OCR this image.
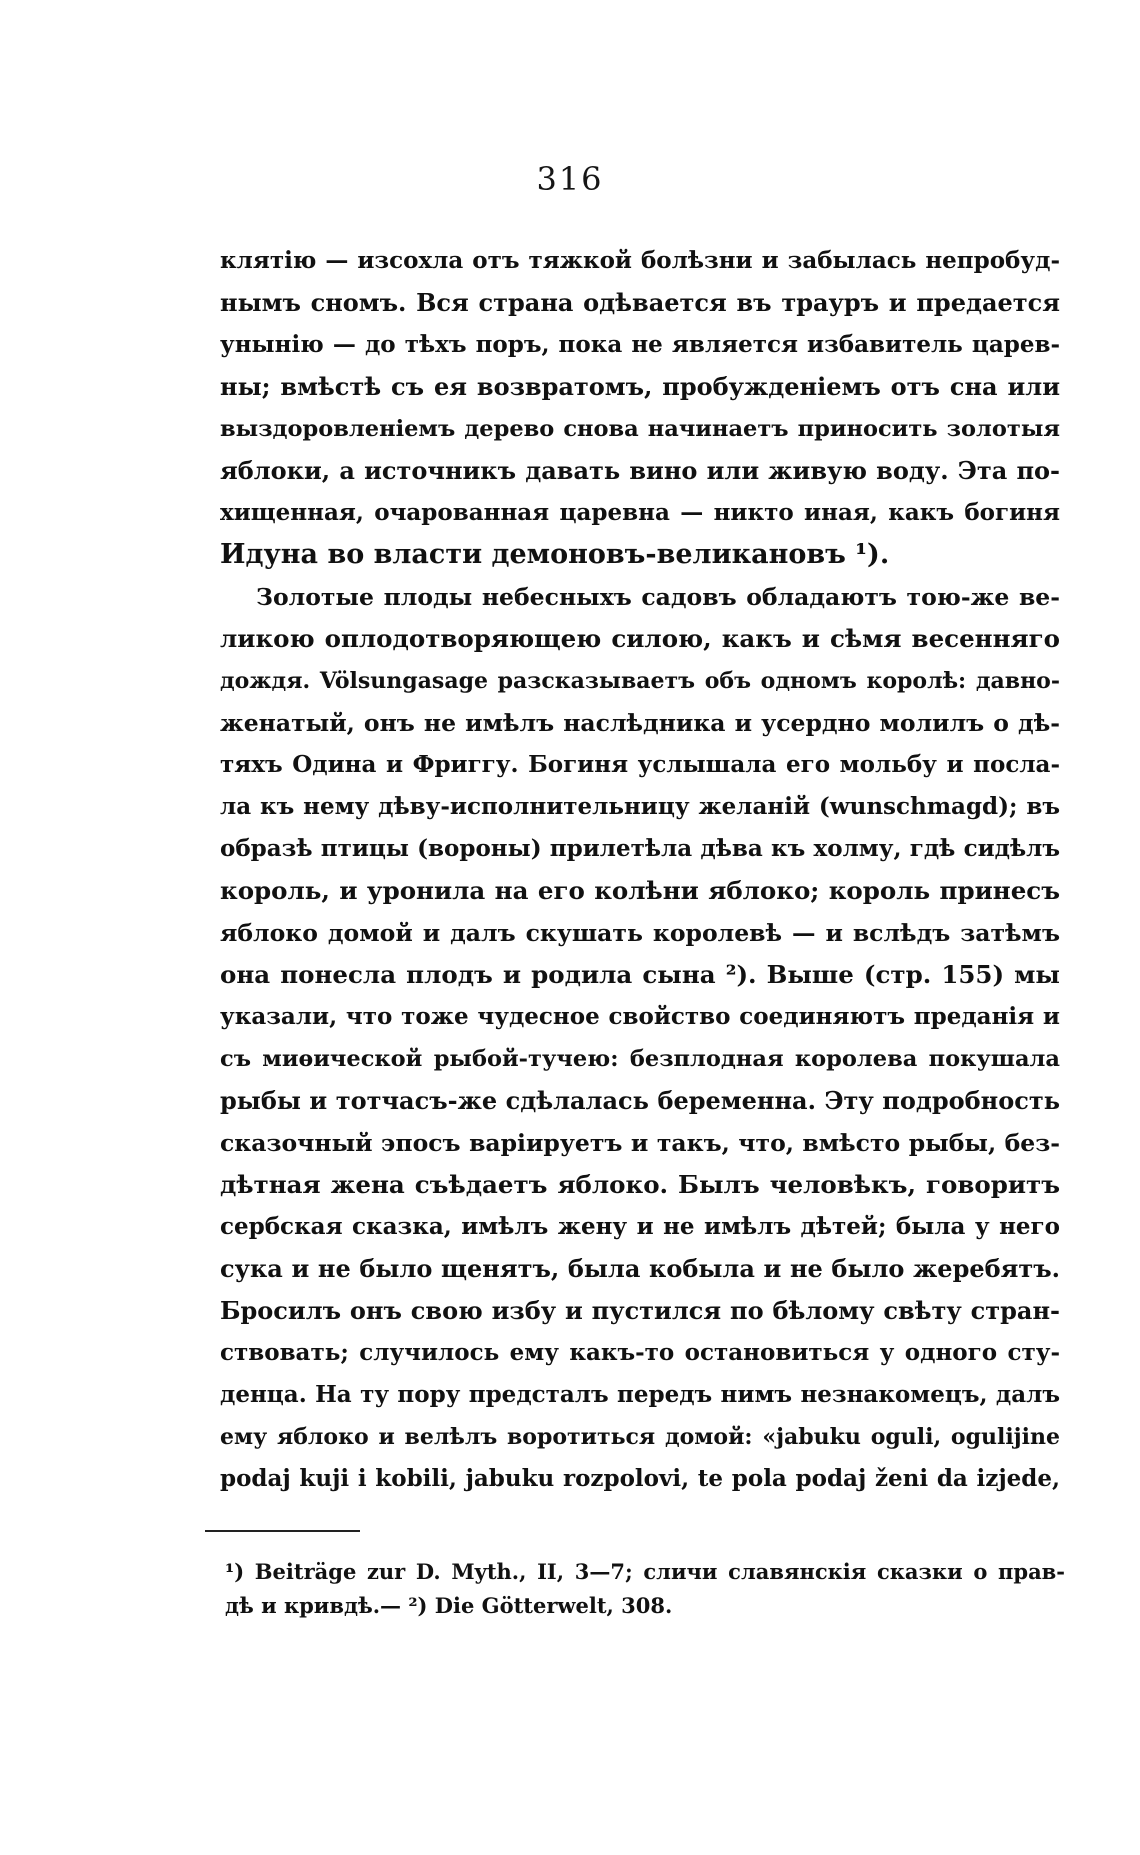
316
клятію — изсохла отъ тяжкой болѣзни и забылась непробуд-
нымъ сномъ. Вся страна одѣвается въ трауръ и предается
унынію — до тѣхъ поръ, пока не является избавитель царев-
ны; вмѣстѣ съ ея возвратомъ, пробужденіемъ отъ сна или
выздоровленіемъ дерево снова начинаетъ приносить золотыя
яблоки, а источникъ давать вино или живую воду. Эта по-
хищенная, очарованная царевна — никто иная, какъ богиня
Идуна во власти демоновъ-великановъ ¹).
Золотые плоды небесныхъ садовъ обладаютъ тою-же ве-
ликою оплодотворяющею силою, какъ и сѣмя весенняго
дождя. Völsungasage разсказываетъ объ одномъ королѣ: давно-
женатый, онъ не имѣлъ наслѣдника и усердно молилъ о дѣ-
тяхъ Одина и Фриггу. Богиня услышала его мольбу и посла-
ла къ нему дѣву-исполнительницу желаній (wunschmagd); въ
образѣ птицы (вороны) прилетѣла дѣва къ холму, гдѣ сидѣлъ
король, и уронила на его колѣни яблоко; король принесъ
яблоко домой и далъ скушать королевѣ — и вслѣдъ затѣмъ
она понесла плодъ и родила сына ²). Выше (стр. 155) мы
указали, что тоже чудесное свойство соединяютъ преданія и
съ миѳической рыбой-тучею: безплодная королева покушала
рыбы и тотчасъ-же сдѣлалась беременна. Эту подробность
сказочный эпосъ варіируетъ и такъ, что, вмѣсто рыбы, без-
дѣтная жена съѣдаетъ яблоко. Былъ человѣкъ, говоритъ
сербская сказка, имѣлъ жену и не имѣлъ дѣтей; была у него
сука и не было щенятъ, была кобыла и не было жеребятъ.
Бросилъ онъ свою избу и пустился по бѣлому свѣту стран-
ствовать; случилось ему какъ-то остановиться у одного сту-
денца. На ту пору предсталъ передъ нимъ незнакомецъ, далъ
ему яблоко и велѣлъ воротиться домой: «jabuku oguli, ogulijine
podaj kuji i kobili, jabuku rozpolovi, te pola podaj ženi da izjede,
¹) Beiträge zur D. Myth., II, 3—7; сличи славянскія сказки о прав-
дѣ и кривдѣ.— ²) Die Götterwelt, 308.
